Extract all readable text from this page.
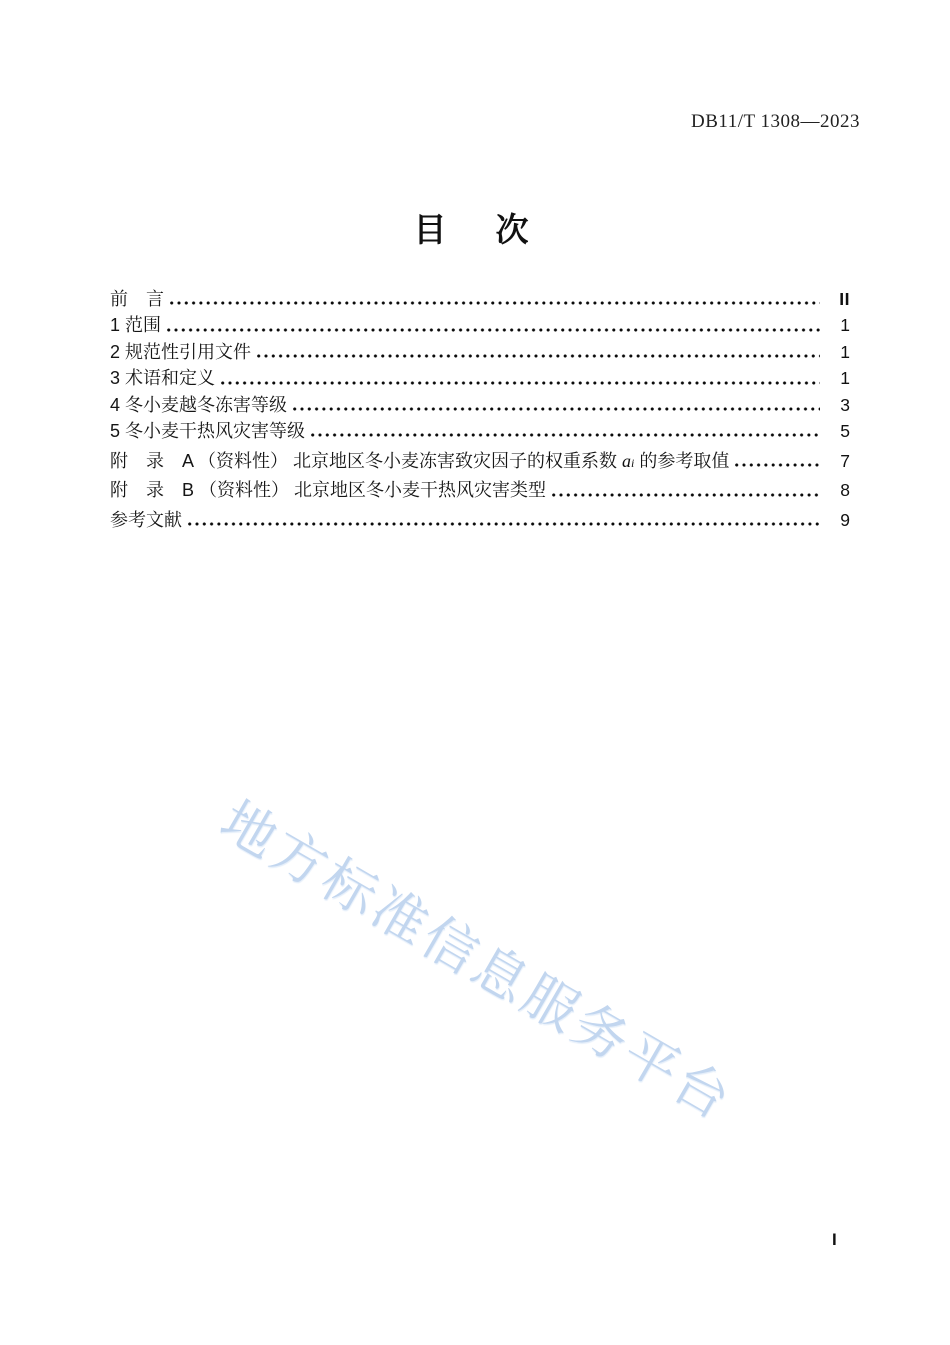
DB11/T 1308—2023
目　次
前　言	II
1 范围	1
2 规范性引用文件	1
3 术语和定义	1
4 冬小麦越冬冻害等级	3
5 冬小麦干热风灾害等级	5
附　录　A （资料性） 北京地区冬小麦冻害致灾因子的权重系数 a i 的参考取值	7
附　录　B （资料性） 北京地区冬小麦干热风灾害类型	8
参考文献	9
地方标准信息服务平台
I
